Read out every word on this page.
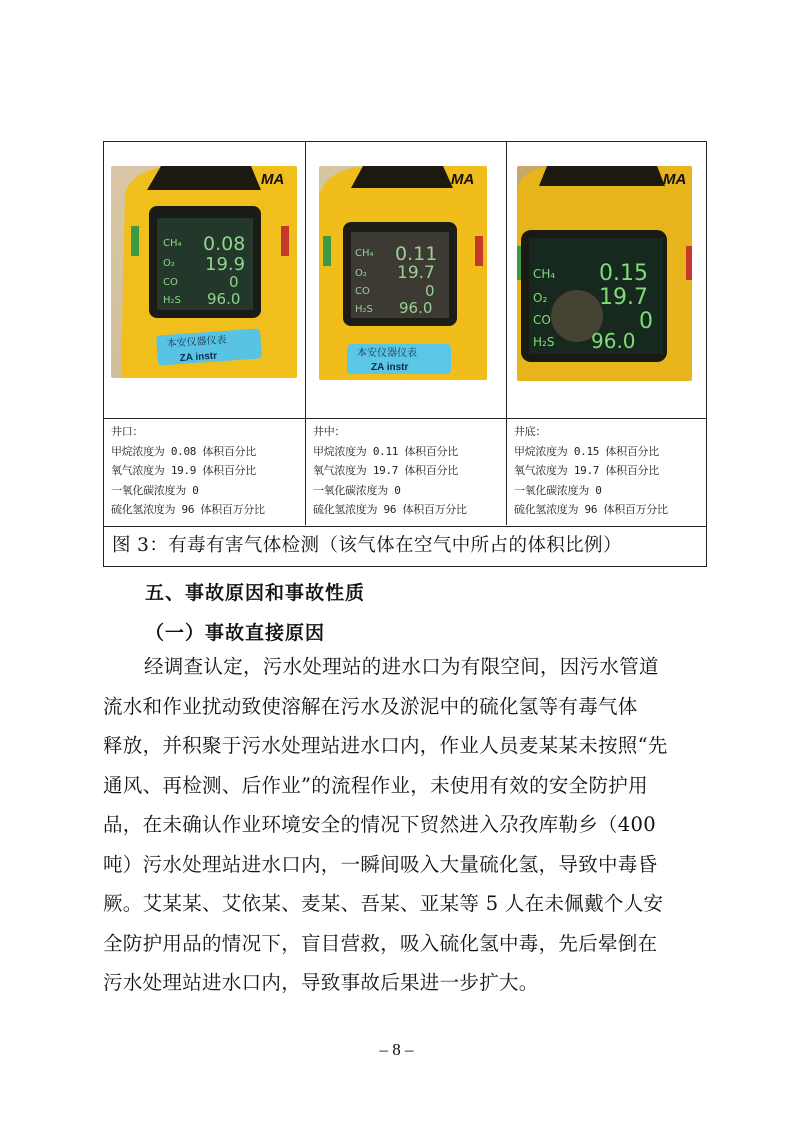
MA
CH₄ 0.08
O₂ 19.9
CO	0
H₂S 96.0
本安仪器仪表
ZA instr
MA
CH₄ 0.11
O₂ 19.7
CO	0
H₂S 96.0
本安仪器仪表
ZA instr
MA
CH₄ 0.15
O₂ 19.7
CO	0
H₂S 96.0
井口：
甲烷浓度为 0.08 体积百分比
氧气浓度为 19.9 体积百分比
一氧化碳浓度为 0
硫化氢浓度为 96 体积百万分比
井中：
甲烷浓度为 0.11 体积百分比
氧气浓度为 19.7 体积百分比
一氧化碳浓度为 0
硫化氢浓度为 96 体积百万分比
井底：
甲烷浓度为 0.15 体积百分比
氧气浓度为 19.7 体积百分比
一氧化碳浓度为 0
硫化氢浓度为 96 体积百万分比
图 3：有毒有害气体检测（该气体在空气中所占的体积比例）
五、事故原因和事故性质
（一）事故直接原因
经调查认定，污水处理站的进水口为有限空间，因污水管道
流水和作业扰动致使溶解在污水及淤泥中的硫化氢等有毒气体
释放，并积聚于污水处理站进水口内，作业人员麦某某未按照“先
通风、再检测、后作业”的流程作业，未使用有效的安全防护用
品，在未确认作业环境安全的情况下贸然进入尕孜库勒乡（400
吨）污水处理站进水口内，一瞬间吸入大量硫化氢，导致中毒昏
厥。艾某某、艾依某、麦某、吾某、亚某等 5 人在未佩戴个人安
全防护用品的情况下，盲目营救，吸入硫化氢中毒，先后晕倒在
污水处理站进水口内，导致事故后果进一步扩大。
– 8 –
